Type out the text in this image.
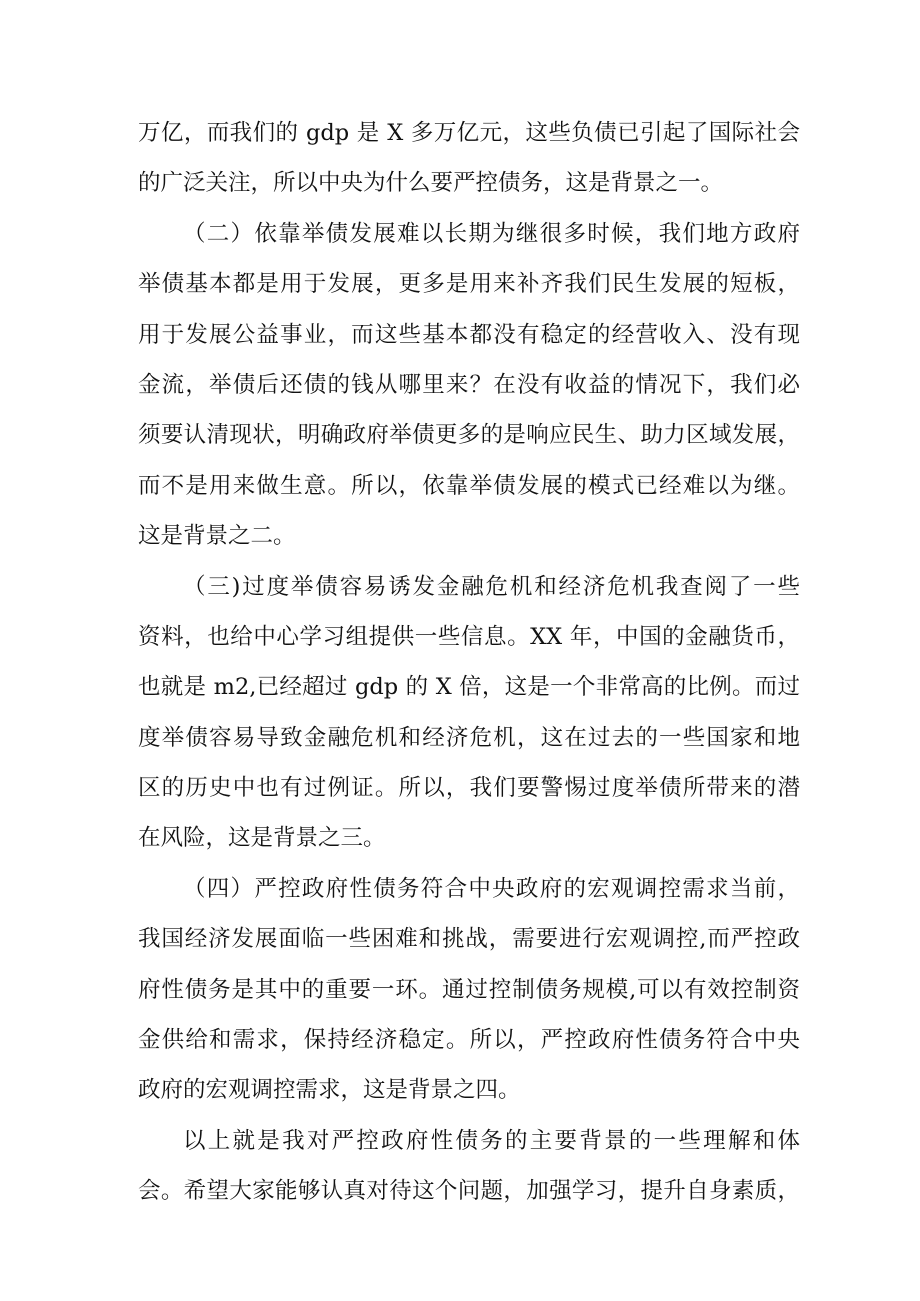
万亿，而我们的 gdp 是 X 多万亿元，这些负债已引起了国际社会
的广泛关注，所以中央为什么要严控债务，这是背景之一。
（二）依靠举债发展难以长期为继很多时候，我们地方政府
举债基本都是用于发展，更多是用来补齐我们民生发展的短板，
用于发展公益事业，而这些基本都没有稳定的经营收入、没有现
金流，举债后还债的钱从哪里来？在没有收益的情况下，我们必
须要认清现状，明确政府举债更多的是响应民生、助力区域发展，
而不是用来做生意。所以，依靠举债发展的模式已经难以为继。
这是背景之二。
（三)过度举债容易诱发金融危机和经济危机我查阅了一些
资料，也给中心学习组提供一些信息。XX 年，中国的金融货币，
也就是 m2,已经超过 gdp 的 X 倍，这是一个非常高的比例。而过
度举债容易导致金融危机和经济危机，这在过去的一些国家和地
区的历史中也有过例证。所以，我们要警惕过度举债所带来的潜
在风险，这是背景之三。
（四）严控政府性债务符合中央政府的宏观调控需求当前，
我国经济发展面临一些困难和挑战，需要进行宏观调控,而严控政
府性债务是其中的重要一环。通过控制债务规模,可以有效控制资
金供给和需求，保持经济稳定。所以，严控政府性债务符合中央
政府的宏观调控需求，这是背景之四。
以上就是我对严控政府性债务的主要背景的一些理解和体
会。希望大家能够认真对待这个问题，加强学习，提升自身素质，
